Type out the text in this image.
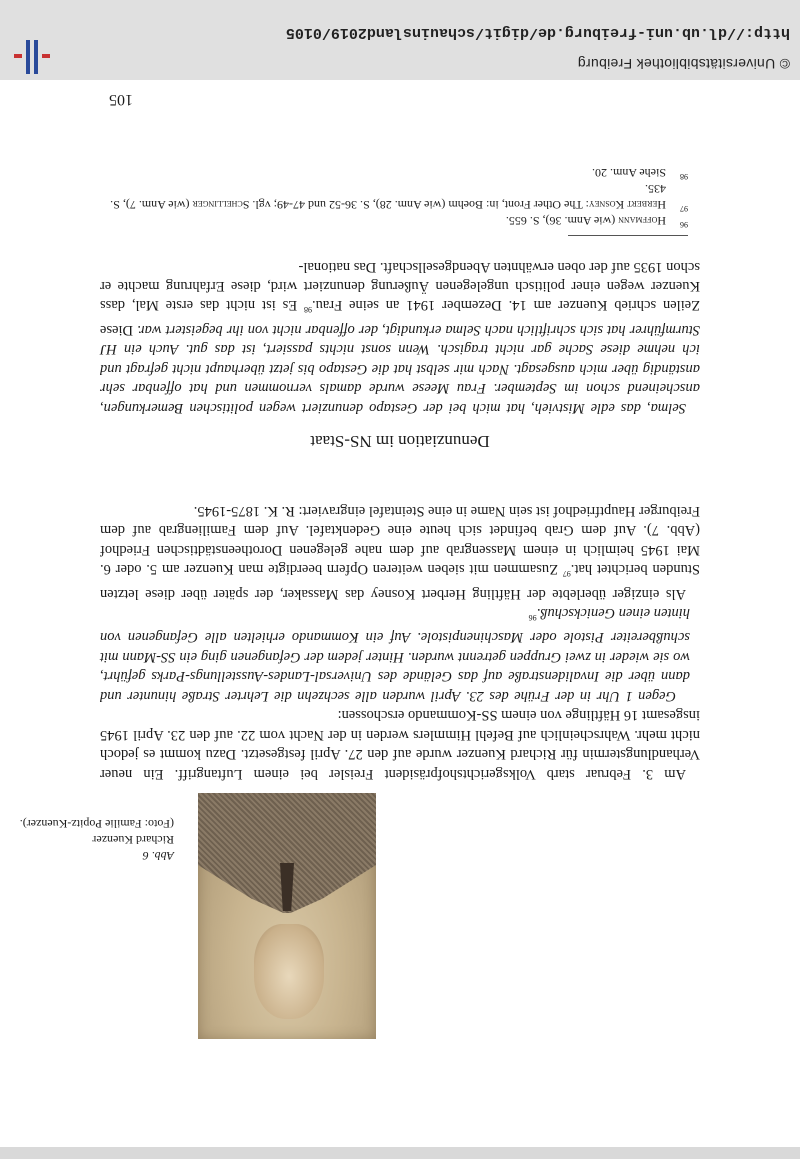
Abb. 6
Richard Kuenzer
(Foto: Familie Popitz-Kuenzer).
Am 3. Februar starb Volksgerichtshofpräsident Freisler bei einem Luftangriff. Ein neuer Verhandlungstermin für Richard Kuenzer wurde auf den 27. April festgesetzt. Dazu kommt es jedoch nicht mehr. Wahrscheinlich auf Befehl Himmlers werden in der Nacht vom 22. auf den 23. April 1945 insgesamt 16 Häftlinge von einem SS-Kommando erschossen:
Gegen 1 Uhr in der Frühe des 23. April wurden alle sechzehn die Lehrter Straße hinunter und dann über die Invalidenstraße auf das Gelände des Universal-Landes-Ausstellungs-Parks geführt, wo sie wieder in zwei Gruppen getrennt wurden. Hinter jedem der Gefangenen ging ein SS-Mann mit schußbereiter Pistole oder Maschinenpistole. Auf ein Kommando erhielten alle Gefangenen von hinten einen Genickschuß.$^{96}$
Als einziger überlebte der Häftling Herbert Kosney das Massaker, der später über diese letzten Stunden berichtet hat.$^{97}$ Zusammen mit sieben weiteren Opfern beerdigte man Kuenzer am 5. oder 6. Mai 1945 heimlich in einem Massengrab auf dem nahe gelegenen Dorotheenstädtischen Friedhof (Abb. 7). Auf dem Grab befindet sich heute eine Gedenktafel. Auf dem Familiengrab auf dem Freiburger Hauptfriedhof ist sein Name in eine Steintafel eingraviert: R. K. 1875-1945.
Denunziation im NS-Staat
Selma, das edle Mistvieh, hat mich bei der Gestapo denunziert wegen politischen Bemerkungen, anscheinend schon im September. Frau Meese wurde damals vernommen und hat offenbar sehr anständig über mich ausgesagt. Nach mir selbst hat die Gestapo bis jetzt überhaupt nicht gefragt und ich nehme diese Sache gar nicht tragisch. Wenn sonst nichts passiert, ist das gut. Auch ein HJ Sturmführer hat sich schriftlich nach Selma erkundigt, der offenbar nicht von ihr begeistert war. Diese Zeilen schrieb Kuenzer am 14. Dezember 1941 an seine Frau.$^{98}$ Es ist nicht das erste Mal, dass Kuenzer wegen einer politisch ungelegenen Äußerung denunziert wird, diese Erfahrung machte er schon 1935 auf der oben erwähnten Abendgesellschaft. Das national-
96
Hoffmann (wie Anm. 36), S. 655.
97
Herbert Kosney: The Other Front, in: Boehm (wie Anm. 28), S. 36-52 und 47-49; vgl. Schellinger (wie Anm. 7), S. 435.
98
Siehe Anm. 20.
105
© Universitätsbibliothek Freiburg
http://dl.ub.uni-freiburg.de/digit/schauinsland2019/0105
